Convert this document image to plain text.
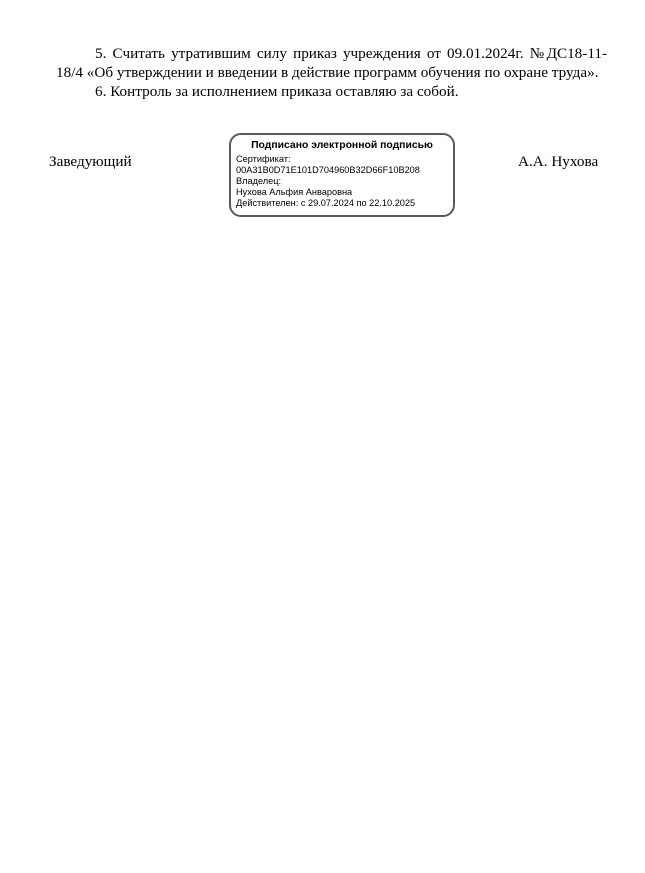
5. Считать утратившим силу приказ учреждения от 09.01.2024г. №ДС18-11-
18/4 «Об утверждении и введении в действие программ обучения по охране труда».
6. Контроль за исполнением приказа оставляю за собой.
Заведующий
Подписано электронной подписью
Сертификат:
00A31B0D71E101D704960B32D66F10B208
Владелец:
Нухова Альфия Анваровна
Действителен: с 29.07.2024 по 22.10.2025
А.А. Нухова
